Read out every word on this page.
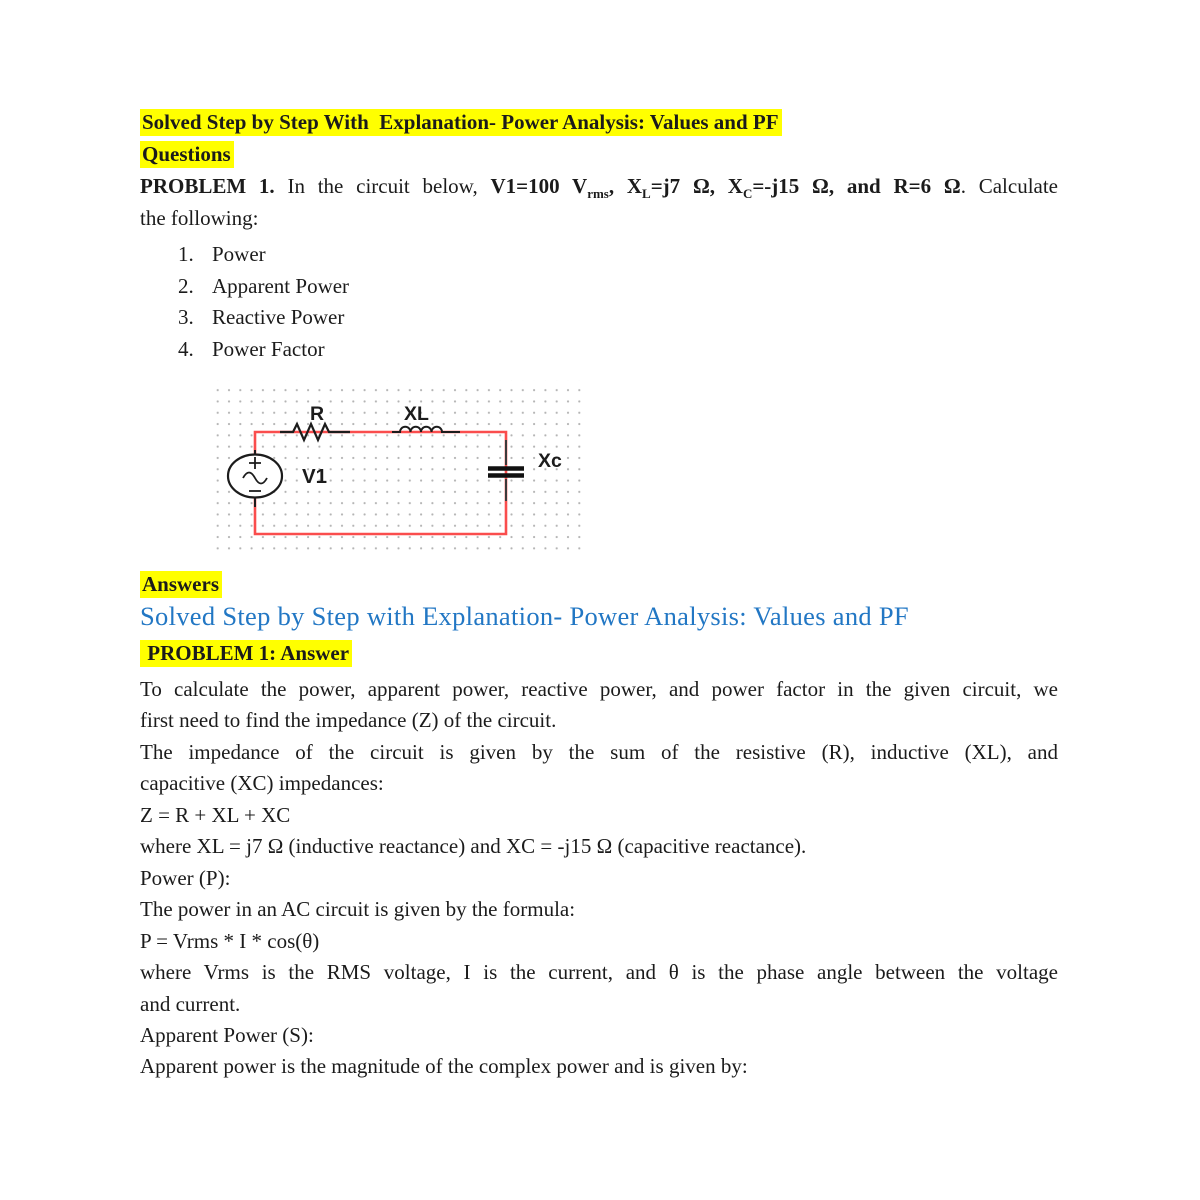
Solved Step by Step With  Explanation- Power Analysis: Values and PF
Questions
PROBLEM 1. In the circuit below, V1=100 $V_{rms}$, $X_L=j7$ Ω, $X_C=-j15$ Ω, and R=6 Ω. Calculate
the following:
1. Power
2. Apparent Power
3. Reactive Power
4. Power Factor
R	XL
V1
Xc
Answers
Solved Step by Step with Explanation- Power Analysis: Values and PF
PROBLEM 1: Answer
To calculate the power, apparent power, reactive power, and power factor in the given circuit, we
first need to find the impedance (Z) of the circuit.
The impedance of the circuit is given by the sum of the resistive (R), inductive (XL), and
capacitive (XC) impedances:
Z = R + XL + XC
where XL = j7 Ω (inductive reactance) and XC = -j15 Ω (capacitive reactance).
Power (P):
The power in an AC circuit is given by the formula:
P = Vrms * I * cos(θ)
where Vrms is the RMS voltage, I is the current, and θ is the phase angle between the voltage
and current.
Apparent Power (S):
Apparent power is the magnitude of the complex power and is given by:
